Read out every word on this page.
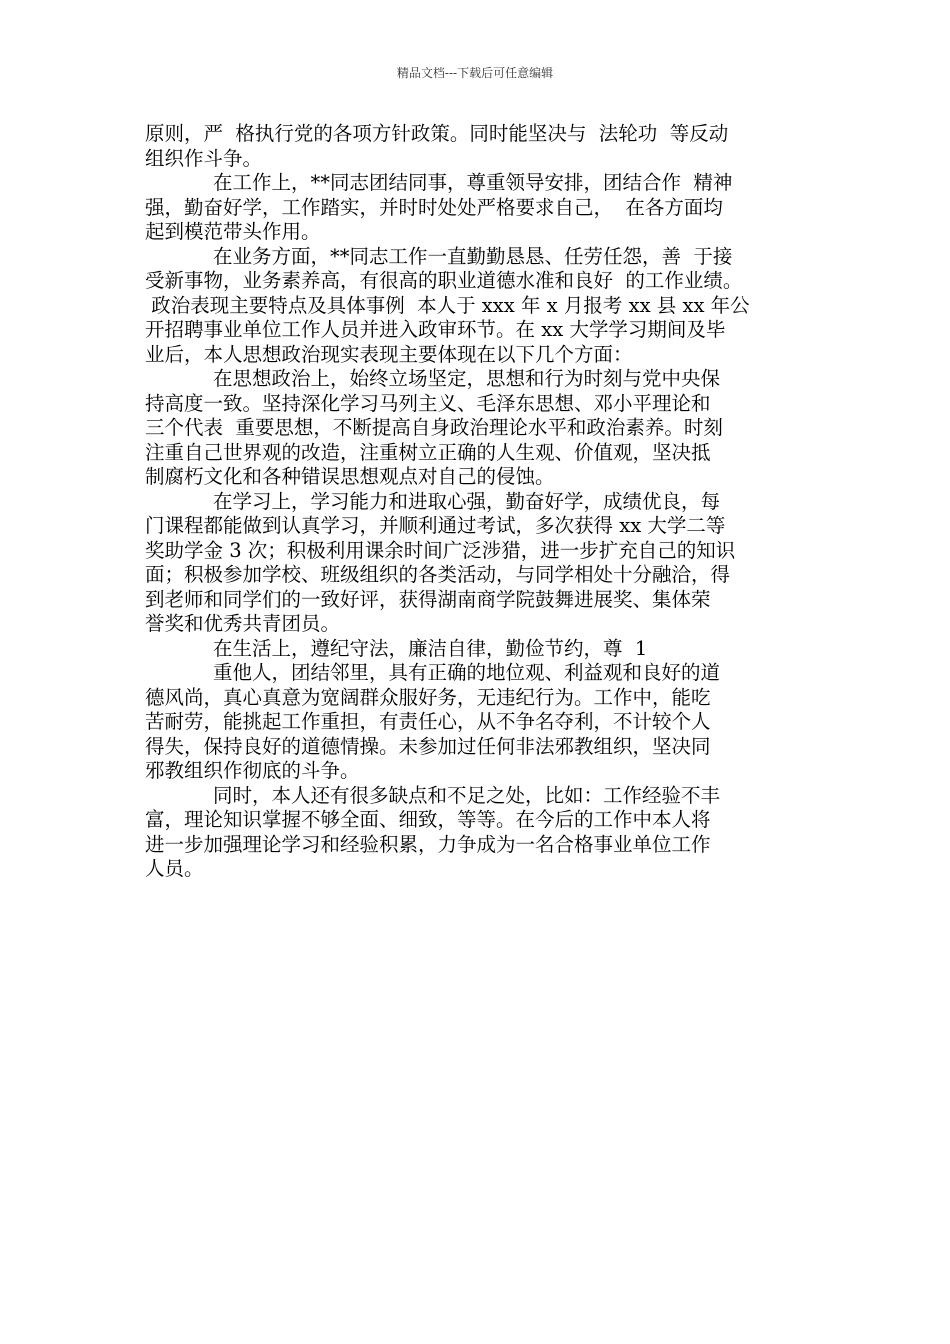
精品文档---下载后可任意编辑
原则，严  格执行党的各项方针政策。同时能坚决与  法轮功  等反动
组织作斗争。
在工作上，**同志团结同事，尊重领导安排，团结合作  精神
强，勤奋好学，工作踏实，并时时处处严格要求自己，  在各方面均
起到模范带头作用。
在业务方面，**同志工作一直勤勤恳恳、任劳任怨，善  于接
受新事物，业务素养高，有很高的职业道德水准和良好  的工作业绩。
政治表现主要特点及具体事例  本人于 xxx 年 x 月报考 xx 县 xx 年公
开招聘事业单位工作人员并进入政审环节。在 xx 大学学习期间及毕
业后，本人思想政治现实表现主要体现在以下几个方面：
在思想政治上，始终立场坚定，思想和行为时刻与党中央保
持高度一致。坚持深化学习马列主义、毛泽东思想、邓小平理论和
三个代表  重要思想，不断提高自身政治理论水平和政治素养。时刻
注重自己世界观的改造，注重树立正确的人生观、价值观，坚决抵
制腐朽文化和各种错误思想观点对自己的侵蚀。
在学习上，学习能力和进取心强，勤奋好学，成绩优良，每
门课程都能做到认真学习，并顺利通过考试，多次获得 xx 大学二等
奖助学金 3 次；积极利用课余时间广泛涉猎，进一步扩充自己的知识
面；积极参加学校、班级组织的各类活动，与同学相处十分融洽，得
到老师和同学们的一致好评，获得湖南商学院鼓舞进展奖、集体荣
誉奖和优秀共青团员。
在生活上，遵纪守法，廉洁自律，勤俭节约，尊  1
重他人，团结邻里，具有正确的地位观、利益观和良好的道
德风尚，真心真意为宽阔群众服好务，无违纪行为。工作中，能吃
苦耐劳，能挑起工作重担，有责任心，从不争名夺利，不计较个人
得失，保持良好的道德情操。未参加过任何非法邪教组织，坚决同
邪教组织作彻底的斗争。
同时，本人还有很多缺点和不足之处，比如：工作经验不丰
富，理论知识掌握不够全面、细致，等等。在今后的工作中本人将
进一步加强理论学习和经验积累，力争成为一名合格事业单位工作
人员。
